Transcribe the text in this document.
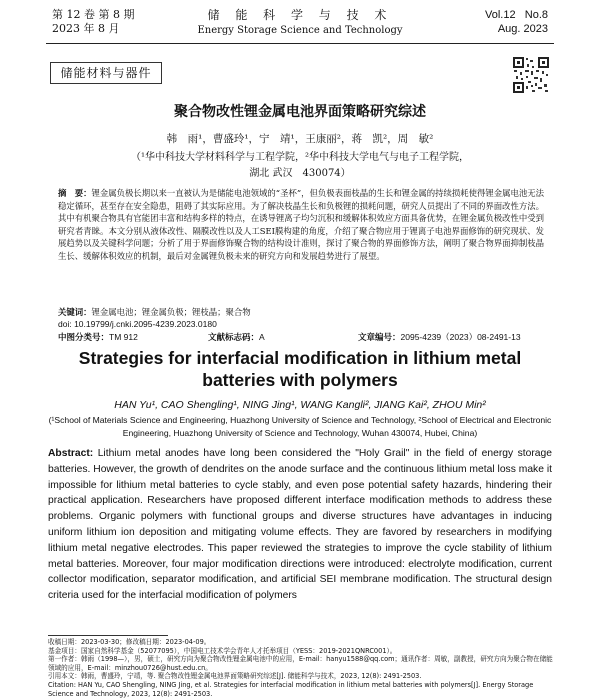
第 12 卷 第 8 期
2023 年 8 月
储 能 科 学 与 技 术
Energy Storage Science and Technology
Vol.12   No.8
Aug. 2023
储能材料与器件
聚合物改性锂金属电池界面策略研究综述
韩　雨¹，曹盛玲¹，宁　靖¹，王康丽²，蒋　凯²，周　敏²
（¹华中科技大学材料科学与工程学院，²华中科技大学电气与电子工程学院，
湖北 武汉　430074）
摘　要：锂金属负极长期以来一直被认为是储能电池领域的“圣杯”，但负极表面枝晶的生长和锂金属的持续损耗使得锂金属电池无法稳定循环，甚至存在安全隐患，阻碍了其实际应用。为了解决枝晶生长和负极锂的损耗问题，研究人员提出了不同的界面改性方法。其中有机聚合物具有官能团丰富和结构多样的特点，在诱导锂离子均匀沉积和缓解体积效应方面具备优势，在锂金属负极改性中受到研究者青睐。本文分别从液体改性、隔膜改性以及人工SEI膜构建的角度，介绍了聚合物应用于锂离子电池界面修饰的研究现状、发展趋势以及关键科学问题；分析了用于界面修饰聚合物的结构设计准则，探讨了聚合物的界面修饰方法，阐明了聚合物界面抑制枝晶生长、缓解体积效应的机制，最后对金属锂负极未来的研究方向和发展趋势进行了展望。
关键词：锂金属电池；锂金属负极；锂枝晶；聚合物
doi: 10.19799/j.cnki.2095-4239.2023.0180
中图分类号：TM 912	文献标志码：A	文章编号：2095-4239（2023）08-2491-13
Strategies for interfacial modification in lithium metal batteries with polymers
HAN Yu¹, CAO Shengling¹, NING Jing¹, WANG Kangli², JIANG Kai², ZHOU Min²
(¹School of Materials Science and Engineering, Huazhong University of Science and Technology, ²School of Electrical and Electronic Engineering, Huazhong University of Science and Technology, Wuhan 430074, Hubei, China)
Abstract: Lithium metal anodes have long been considered the "Holy Grail" in the field of energy storage batteries. However, the growth of dendrites on the anode surface and the continuous lithium metal loss make it impossible for lithium metal batteries to cycle stably, and even pose potential safety hazards, hindering their practical application. Researchers have proposed different interface modification methods to address these problems. Organic polymers with functional groups and diverse structures have advantages in inducing uniform lithium ion deposition and mitigating volume effects. They are favored by researchers in modifying lithium metal negative electrodes. This paper reviewed the strategies to improve the cycle stability of lithium metal batteries. Moreover, four major modification directions were introduced: electrolyte modification, current collector modification, separator modification, and artificial SEI membrane modification. The structural design criteria used for the interfacial modification of polymers
收稿日期：2023-03-30；修改稿日期：2023-04-09。
基金项目：国家自然科学基金（52077095），中国电工技术学会青年人才托举项目（YESS：2019-2021QNRC001）。
第一作者：韩雨（1998—），男，硕士，研究方向为聚合物改性锂金属电池中的应用，E-mail：hanyu1588@qq.com；通讯作者：周敏，副教授，研究方向为聚合物在储能领域的应用，E-mail：minzhou0726@hust.edu.cn。
引用本文：韩雨，曹盛玲，宁靖，等. 聚合物改性锂金属电池界面策略研究综述[J]. 储能科学与技术，2023, 12(8): 2491-2503.
Citation: HAN Yu, CAO Shengling, NING Jing, et al. Strategies for interfacial modification in lithium metal batteries with polymers[J]. Energy Storage Science and Technology, 2023, 12(8): 2491-2503.
